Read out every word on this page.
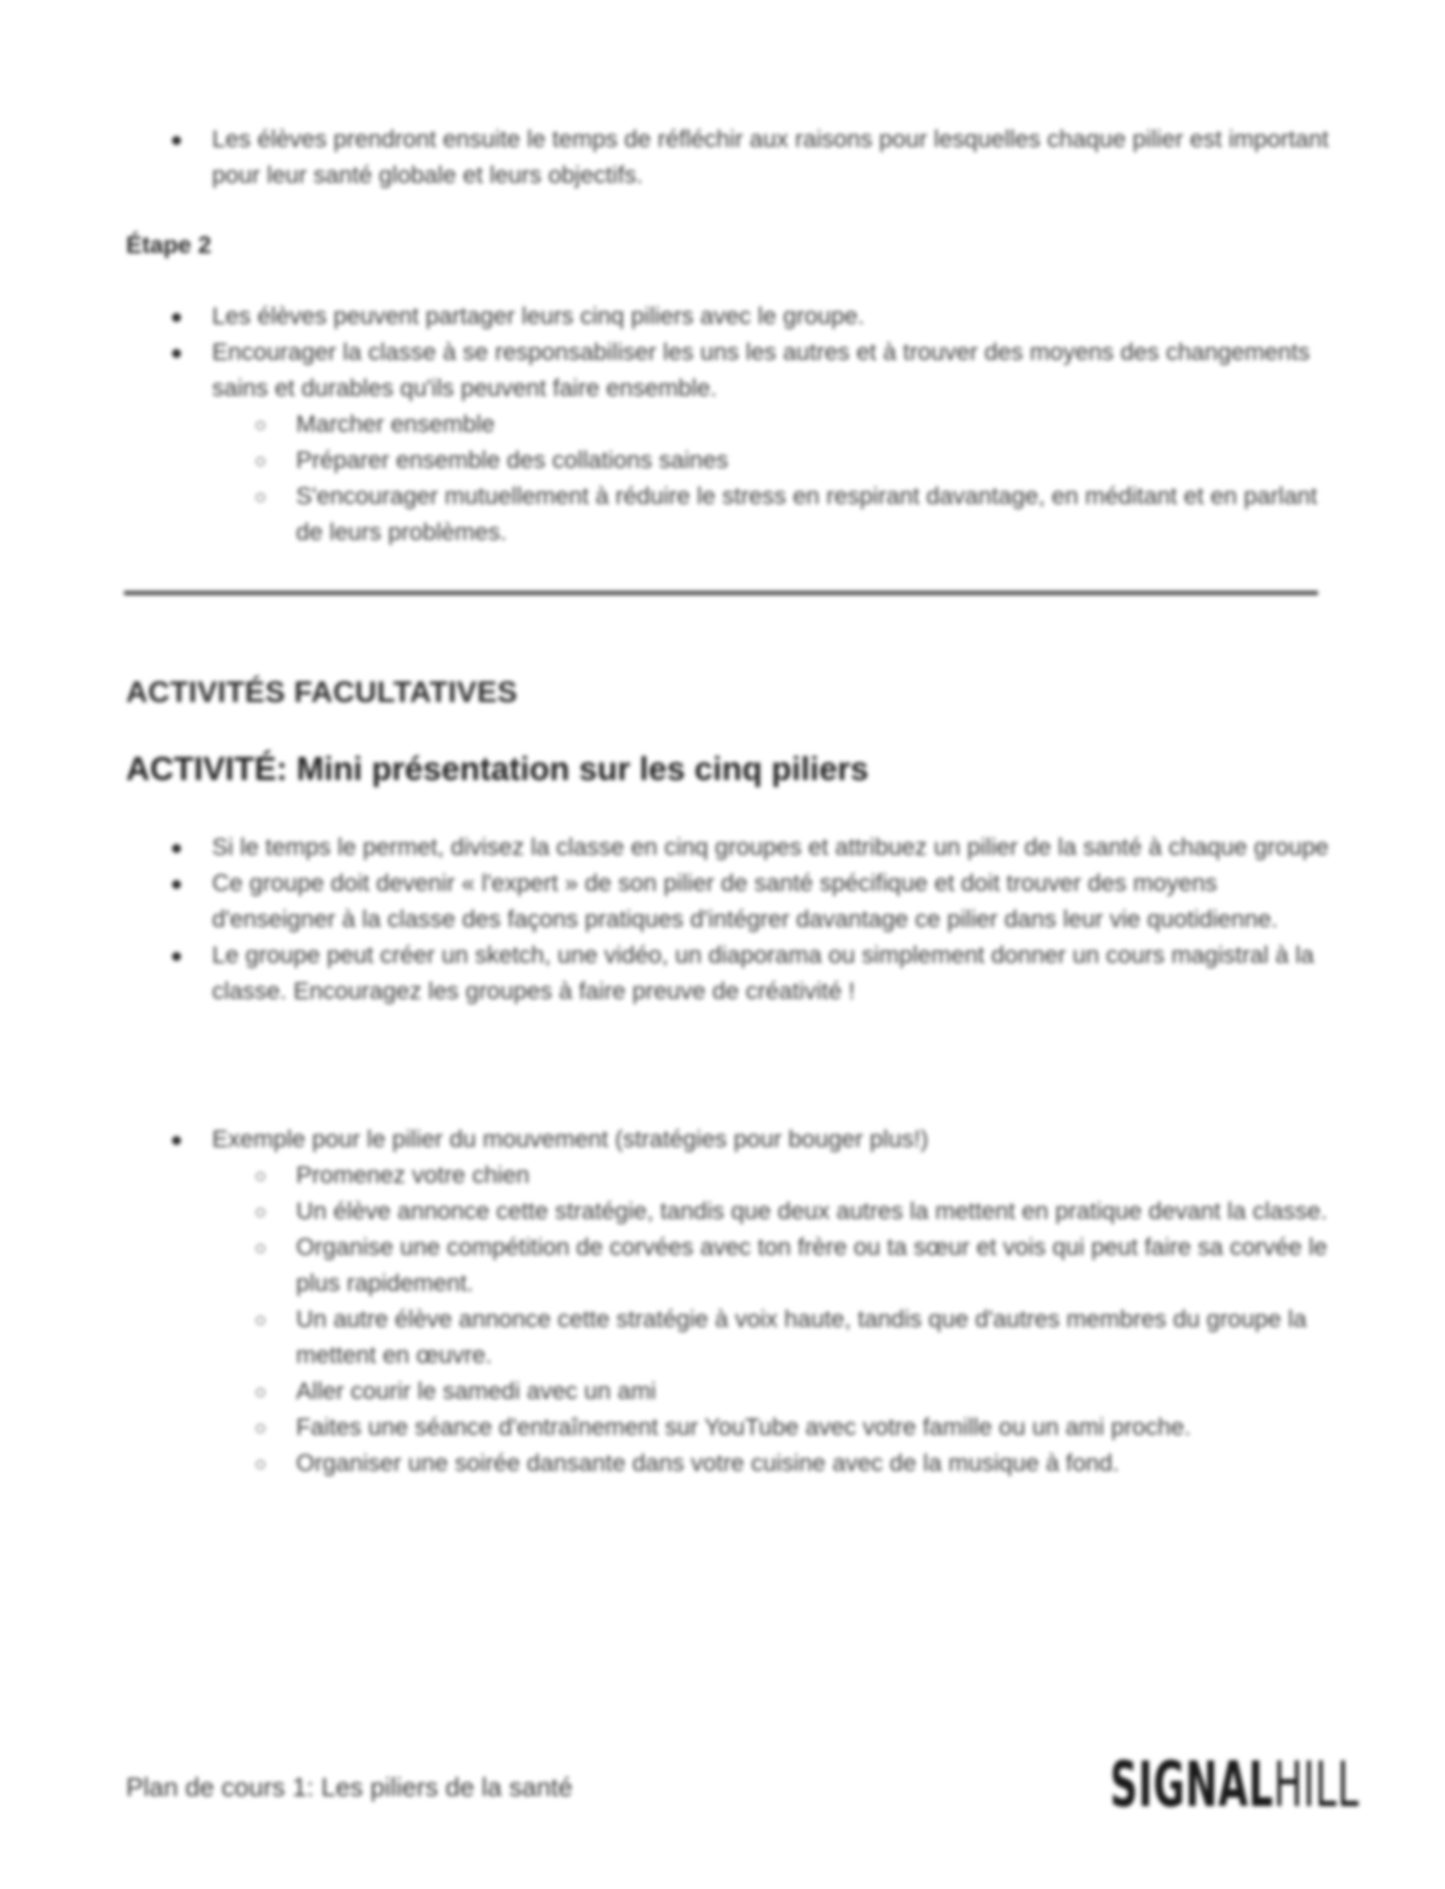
Les élèves prendront ensuite le temps de réfléchir aux raisons pour lesquelles chaque pilier est important pour leur santé globale et leurs objectifs.
Étape 2
Les élèves peuvent partager leurs cinq piliers avec le groupe.
Encourager la classe à se responsabiliser les uns les autres et à trouver des moyens des changements sains et durables qu'ils peuvent faire ensemble.
Marcher ensemble
Préparer ensemble des collations saines
S'encourager mutuellement à réduire le stress en respirant davantage, en méditant et en parlant de leurs problèmes.
ACTIVITÉS FACULTATIVES
ACTIVITÉ: Mini présentation sur les cinq piliers
Si le temps le permet, divisez la classe en cinq groupes et attribuez un pilier de la santé à chaque groupe
Ce groupe doit devenir « l'expert » de son pilier de santé spécifique et doit trouver des moyens d'enseigner à la classe des façons pratiques d'intégrer davantage ce pilier dans leur vie quotidienne.
Le groupe peut créer un sketch, une vidéo, un diaporama ou simplement donner un cours magistral à la classe. Encouragez les groupes à faire preuve de créativité !
Exemple pour le pilier du mouvement (stratégies pour bouger plus!)
Promenez votre chien
Un élève annonce cette stratégie, tandis que deux autres la mettent en pratique devant la classe.
Organise une compétition de corvées avec ton frère ou ta sœur et vois qui peut faire sa corvée le plus rapidement.
Un autre élève annonce cette stratégie à voix haute, tandis que d'autres membres du groupe la mettent en œuvre.
Aller courir le samedi avec un ami
Faites une séance d'entraînement sur YouTube avec votre famille ou un ami proche.
Organiser une soirée dansante dans votre cuisine avec de la musique à fond.
Plan de cours 1: Les piliers de la santé	SIGNALHILL
